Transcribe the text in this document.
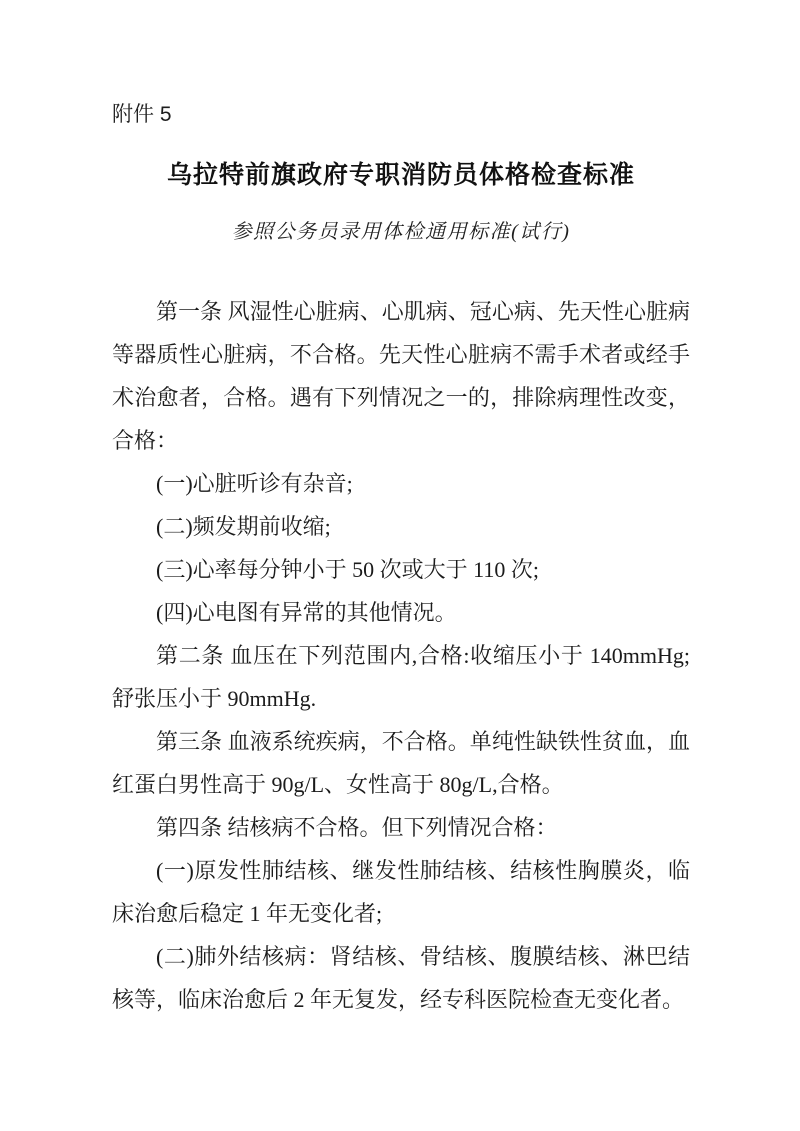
附件 5
乌拉特前旗政府专职消防员体格检查标准
参照公务员录用体检通用标准(试行)

第一条 风湿性心脏病、心肌病、冠心病、先天性心脏病等器质性心脏病，不合格。先天性心脏病不需手术者或经手术治愈者，合格。遇有下列情况之一的，排除病理性改变，合格：

(一)心脏听诊有杂音;

(二)频发期前收缩;

(三)心率每分钟小于 50 次或大于 110 次;

(四)心电图有异常的其他情况。

第二条 血压在下列范围内,合格:收缩压小于 140mmHg;舒张压小于 90mmHg.

第三条 血液系统疾病，不合格。单纯性缺铁性贫血，血红蛋白男性高于 90g/L、女性高于 80g/L,合格。

第四条 结核病不合格。但下列情况合格：

(一)原发性肺结核、继发性肺结核、结核性胸膜炎，临床治愈后稳定 1 年无变化者;

(二)肺外结核病：肾结核、骨结核、腹膜结核、淋巴结核等，临床治愈后 2 年无复发，经专科医院检查无变化者。
